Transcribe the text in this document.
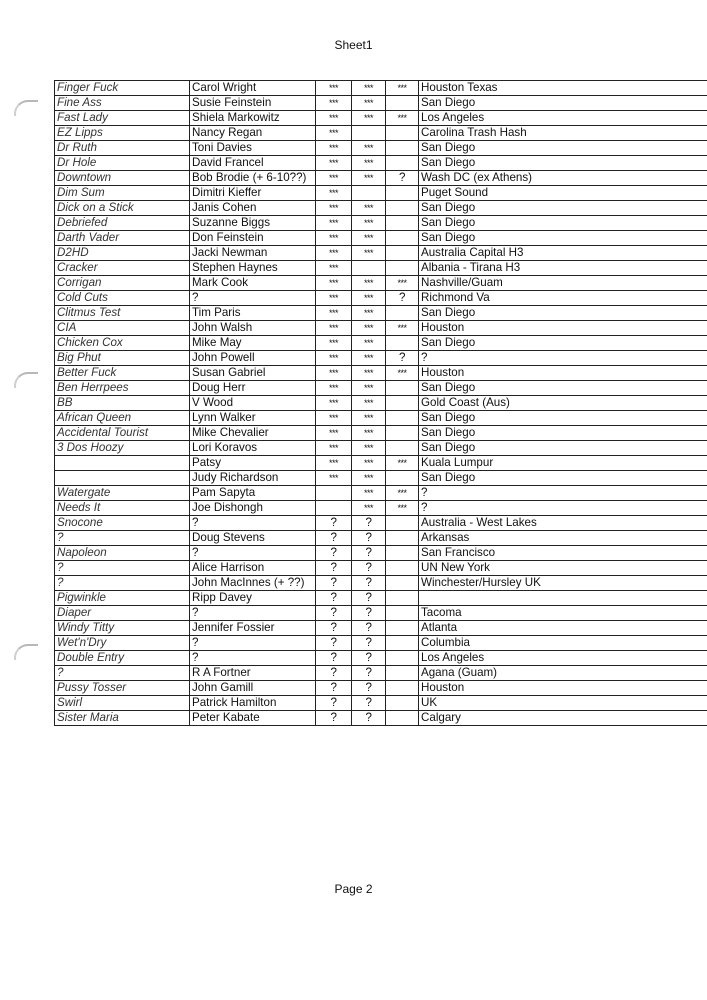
Sheet1
Finger Fuck	Carol Wright	***	***	***	Houston Texas
Fine Ass	Susie Feinstein	***	***		San Diego
Fast Lady	Shiela Markowitz	***	***	***	Los Angeles
EZ Lipps	Nancy Regan	***			Carolina Trash Hash
Dr Ruth	Toni Davies	***	***		San Diego
Dr Hole	David Francel	***	***		San Diego
Downtown	Bob Brodie (+ 6-10??)	***	***	?	Wash DC (ex Athens)
Dim Sum	Dimitri Kieffer	***			Puget Sound
Dick on a Stick	Janis Cohen	***	***		San Diego
Debriefed	Suzanne Biggs	***	***		San Diego
Darth Vader	Don Feinstein	***	***		San Diego
D2HD	Jacki Newman	***	***		Australia Capital H3
Cracker	Stephen Haynes	***			Albania - Tirana H3
Corrigan	Mark Cook	***	***	***	Nashville/Guam
Cold Cuts	?	***	***	?	Richmond Va
Clitmus Test	Tim Paris	***	***		San Diego
CIA	John Walsh	***	***	***	Houston
Chicken Cox	Mike May	***	***		San Diego
Big Phut	John Powell	***	***	?	?
Better Fuck	Susan Gabriel	***	***	***	Houston
Ben Herrpees	Doug Herr	***	***		San Diego
BB	V Wood	***	***		Gold Coast (Aus)
African Queen	Lynn Walker	***	***		San Diego
Accidental Tourist	Mike Chevalier	***	***		San Diego
3 Dos Hoozy	Lori Koravos	***	***		San Diego
	Patsy	***	***	***	Kuala Lumpur
	Judy Richardson	***	***		San Diego
Watergate	Pam Sapyta		***	***	?
Needs It	Joe Dishongh		***	***	?
Snocone	?	?	?		Australia - West Lakes
?	Doug Stevens	?	?		Arkansas
Napoleon	?	?	?		San Francisco
?	Alice Harrison	?	?		UN New York
?	John MacInnes (+ ??)	?	?		Winchester/Hursley UK
Pigwinkle	Ripp Davey	?	?		
Diaper	?	?	?		Tacoma
Windy Titty	Jennifer Fossier	?	?		Atlanta
Wet'n'Dry	?	?	?		Columbia
Double Entry	?	?	?		Los Angeles
?	R A Fortner	?	?		Agana (Guam)
Pussy Tosser	John Gamill	?	?		Houston
Swirl	Patrick Hamilton	?	?		UK
Sister Maria	Peter Kabate	?	?		Calgary
Page 2
